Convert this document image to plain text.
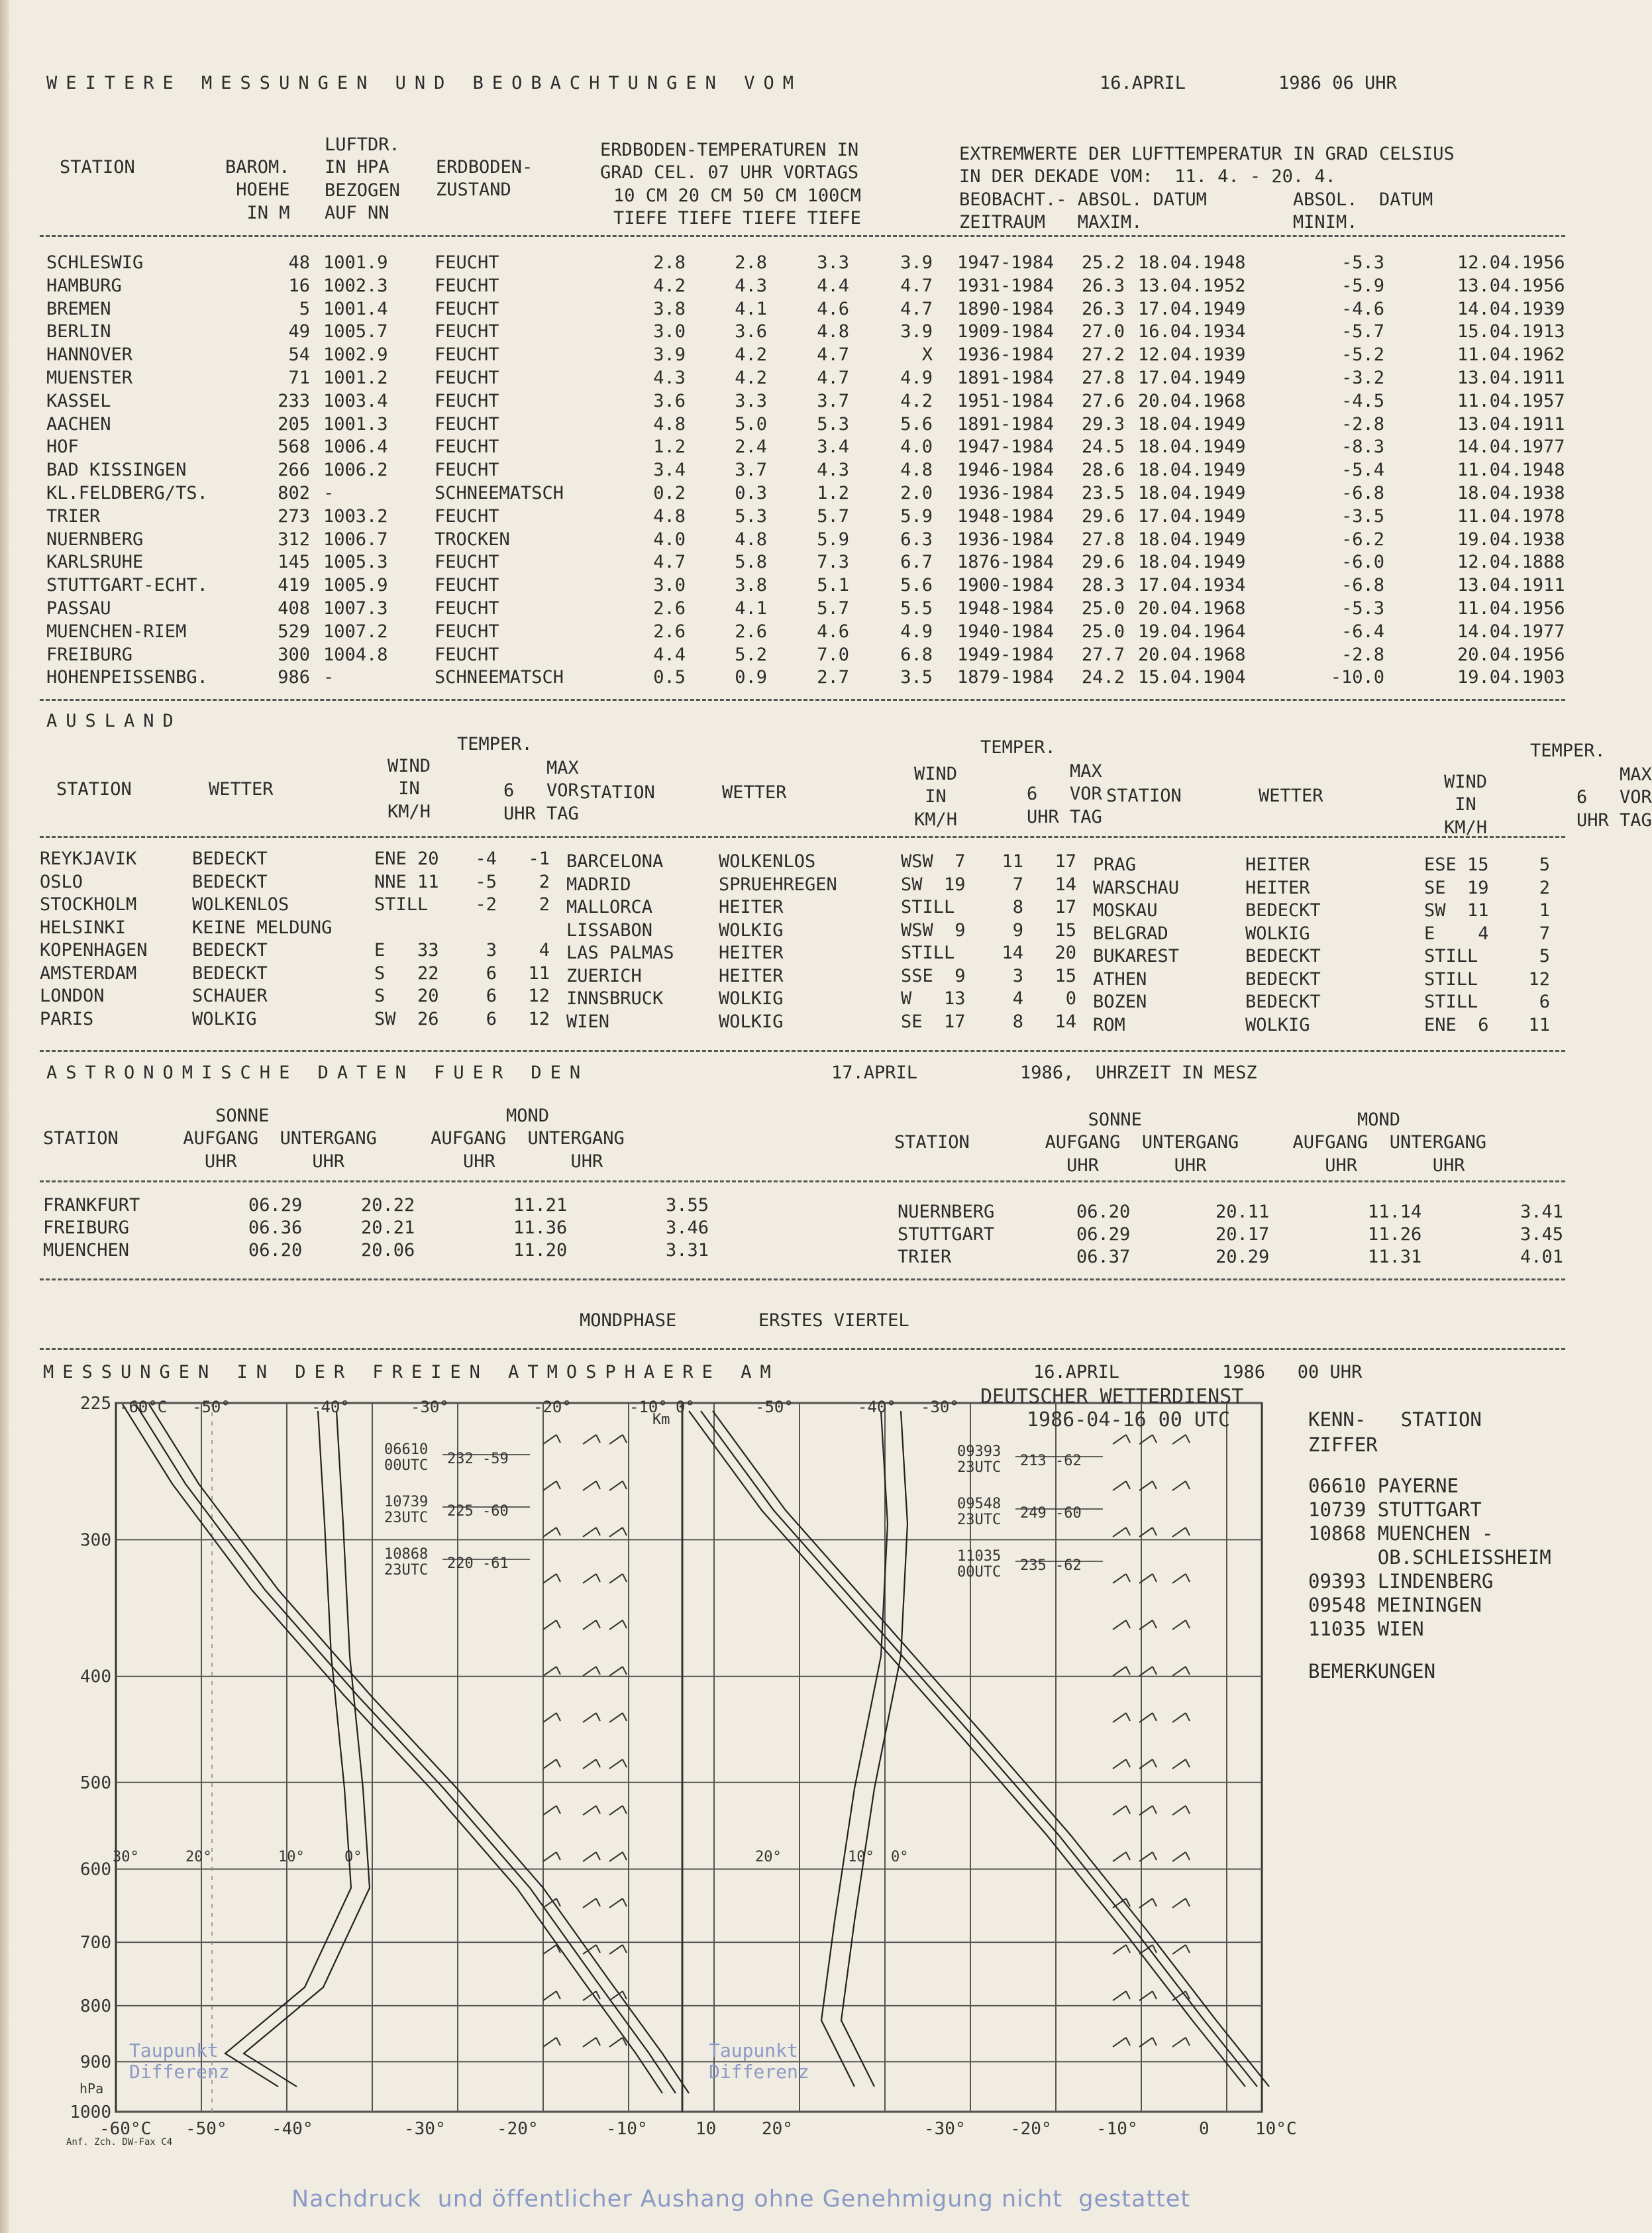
WEITERE MESSUNGEN UND BEOBACHTUNGEN VOM	16.APRIL	1986 06 UHR
STATION	BAROM.
HOEHE
IN M
LUFTDR.
IN HPA
BEZOGEN
AUF NN
ERDBODEN-
ZUSTAND
ERDBODEN-TEMPERATUREN IN
GRAD CEL. 07 UHR VORTAGS
10 CM 20 CM 50 CM 100CM
TIEFE TIEFE TIEFE TIEFE
EXTREMWERTE DER LUFTTEMPERATUR IN GRAD CELSIUS
IN DER DEKADE VOM:  11. 4. - 20. 4.
BEOBACHT.- ABSOL. DATUM        ABSOL.  DATUM
ZEITRAUM   MAXIM.              MINIM.
SCHLESWIG	48 1001.9	FEUCHT	2.8	2.8	3.3	3.9 1947-1984	25.2 18.04.1948	-5.3	12.04.1956
HAMBURG	16 1002.3	FEUCHT	4.2	4.3	4.4	4.7 1931-1984	26.3 13.04.1952	-5.9	13.04.1956
BREMEN	5 1001.4	FEUCHT	3.8	4.1	4.6	4.7 1890-1984	26.3 17.04.1949	-4.6	14.04.1939
BERLIN	49 1005.7	FEUCHT	3.0	3.6	4.8	3.9 1909-1984	27.0 16.04.1934	-5.7	15.04.1913
HANNOVER	54 1002.9	FEUCHT	3.9	4.2	4.7	X 1936-1984	27.2 12.04.1939	-5.2	11.04.1962
MUENSTER	71 1001.2	FEUCHT	4.3	4.2	4.7	4.9 1891-1984	27.8 17.04.1949	-3.2	13.04.1911
KASSEL	233 1003.4	FEUCHT	3.6	3.3	3.7	4.2 1951-1984	27.6 20.04.1968	-4.5	11.04.1957
AACHEN	205 1001.3	FEUCHT	4.8	5.0	5.3	5.6 1891-1984	29.3 18.04.1949	-2.8	13.04.1911
HOF	568 1006.4	FEUCHT	1.2	2.4	3.4	4.0 1947-1984	24.5 18.04.1949	-8.3	14.04.1977
BAD KISSINGEN	266 1006.2	FEUCHT	3.4	3.7	4.3	4.8 1946-1984	28.6 18.04.1949	-5.4	11.04.1948
KL.FELDBERG/TS.	802 -	SCHNEEMATSCH	0.2	0.3	1.2	2.0 1936-1984	23.5 18.04.1949	-6.8	18.04.1938
TRIER	273 1003.2	FEUCHT	4.8	5.3	5.7	5.9 1948-1984	29.6 17.04.1949	-3.5	11.04.1978
NUERNBERG	312 1006.7	TROCKEN	4.0	4.8	5.9	6.3 1936-1984	27.8 18.04.1949	-6.2	19.04.1938
KARLSRUHE	145 1005.3	FEUCHT	4.7	5.8	7.3	6.7 1876-1984	29.6 18.04.1949	-6.0	12.04.1888
STUTTGART-ECHT.	419 1005.9	FEUCHT	3.0	3.8	5.1	5.6 1900-1984	28.3 17.04.1934	-6.8	13.04.1911
PASSAU	408 1007.3	FEUCHT	2.6	4.1	5.7	5.5 1948-1984	25.0 20.04.1968	-5.3	11.04.1956
MUENCHEN-RIEM	529 1007.2	FEUCHT	2.6	2.6	4.6	4.9 1940-1984	25.0 19.04.1964	-6.4	14.04.1977
FREIBURG	300 1004.8	FEUCHT	4.4	5.2	7.0	6.8 1949-1984	27.7 20.04.1968	-2.8	20.04.1956
HOHENPEISSENBG.	986 -	SCHNEEMATSCH	0.5	0.9	2.7	3.5 1879-1984	24.2 15.04.1904	-10.0	19.04.1903
AUSLAND
STATION	WETTER
WIND
IN
KM/H
TEMPER.
MAX
6   VOR
UHR TAG
STATION	WETTER
WIND
IN
KM/H
TEMPER.
MAX
6   VOR
UHR TAG
STATION	WETTER
WIND
IN
KM/H
TEMPER.
MAX
6   VOR
UHR TAG
REYKJAVIK	BEDECKT	ENE 20	-4	-1
OSLO	BEDECKT	NNE 11	-5	2
STOCKHOLM	WOLKENLOS	STILL	-2	2
HELSINKI	KEINE MELDUNG
KOPENHAGEN BEDECKT	E   33	3	4
AMSTERDAM	BEDECKT	S   22	6	11
LONDON	SCHAUER	S   20	6	12
PARIS	WOLKIG	SW  26	6	12
BARCELONA	WOLKENLOS	WSW  7	11	17
MADRID	SPRUEHREGEN	SW  19	7	14
MALLORCA	HEITER	STILL	8	17
LISSABON	WOLKIG	WSW  9	9	15
LAS PALMAS HEITER	STILL	14	20
ZUERICH	HEITER	SSE  9	3	15
INNSBRUCK	WOLKIG	W   13	4	0
WIEN	WOLKIG	SE  17	8	14
PRAG	HEITER	ESE 15	5
WARSCHAU	HEITER	SE  19	2
MOSKAU	BEDECKT	SW  11	1
BELGRAD	WOLKIG	E    4	7
BUKAREST	BEDECKT	STILL	5
ATHEN	BEDECKT	STILL	12
BOZEN	BEDECKT	STILL	6
ROM	WOLKIG	ENE  6	11
ASTRONOMISCHE DATEN FUER DEN	17.APRIL	1986,  UHRZEIT IN MESZ
SONNE                      MOND
STATION      AUFGANG  UNTERGANG     AUFGANG  UNTERGANG
UHR       UHR           UHR       UHR
SONNE                    MOND
STATION       AUFGANG  UNTERGANG     AUFGANG  UNTERGANG
UHR       UHR           UHR       UHR
FRANKFURT	06.29	20.22	11.21	3.55
FREIBURG	06.36	20.21	11.36	3.46
MUENCHEN	06.20	20.06	11.20	3.31
NUERNBERG	06.20	20.11	11.14	3.41
STUTTGART	06.29	20.17	11.26	3.45
TRIER	06.37	20.29	11.31	4.01
MONDPHASE	ERSTES VIERTEL
MESSUNGEN IN DER FREIEN ATMOSPHAERE AM	16.APRIL	1986   00 UHR
KENN-   STATION
ZIFFER
06610 PAYERNE
10739 STUTTGART
10868 MUENCHEN -
OB.SCHLEISSHEIM
09393 LINDENBERG
09548 MEININGEN
11035 WIEN
BEMERKUNGEN
225
300
400
500
600
700
800
900
1000
Km
-60°C -50°	-40°	-30°	-20°	-10° 0°
-60°C -50°	-40°	-30°	-20°	-10°	10
-50°	-40° -30°
20°	-30°	-20°	-10°	0	10°C
30°	20°	10°	0°	20°	10° 0°
hPa
Taupunkt	Taupunkt
Differenz	Differenz
DEUTSCHER WETTERDIENST
1986-04-16 00 UTC
Anf. Zch. DW-Fax C4
06610
00UTC 232 -59
10739
23UTC 225 -60
10868
23UTC 220 -61
09393
23UTC 213 -62
09548
23UTC 249 -60
11035
00UTC 235 -62
Nachdruck  und öffentlicher Aushang ohne Genehmigung nicht  gestattet
